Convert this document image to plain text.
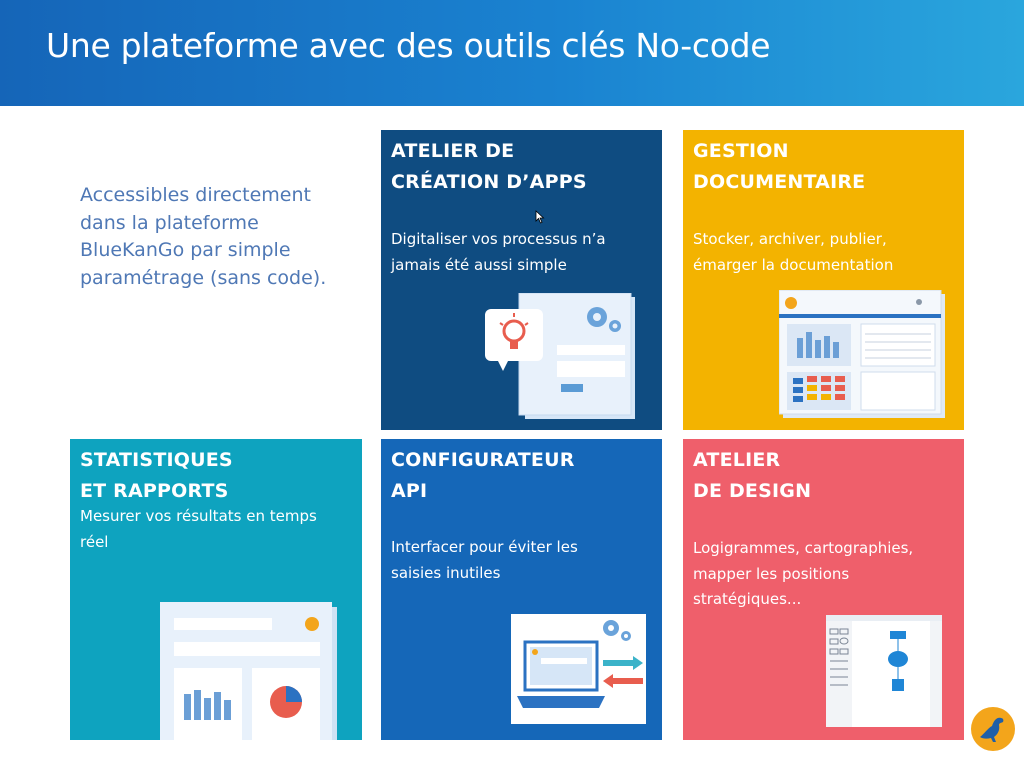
Une plateforme avec des outils clés No-code
Accessibles directement dans la plateforme BlueKanGo par simple paramétrage (sans code).
ATELIER DE
CRÉATION D’APPS
Digitaliser vos processus n’a
jamais été aussi simple
GESTION
DOCUMENTAIRE
Stocker, archiver, publier,
émarger la documentation
STATISTIQUES
ET RAPPORTS
Mesurer vos résultats en temps
réel
CONFIGURATEUR
API
Interfacer pour éviter les
saisies inutiles
ATELIER
DE DESIGN
Logigrammes, cartographies,
mapper les positions
stratégiques...
